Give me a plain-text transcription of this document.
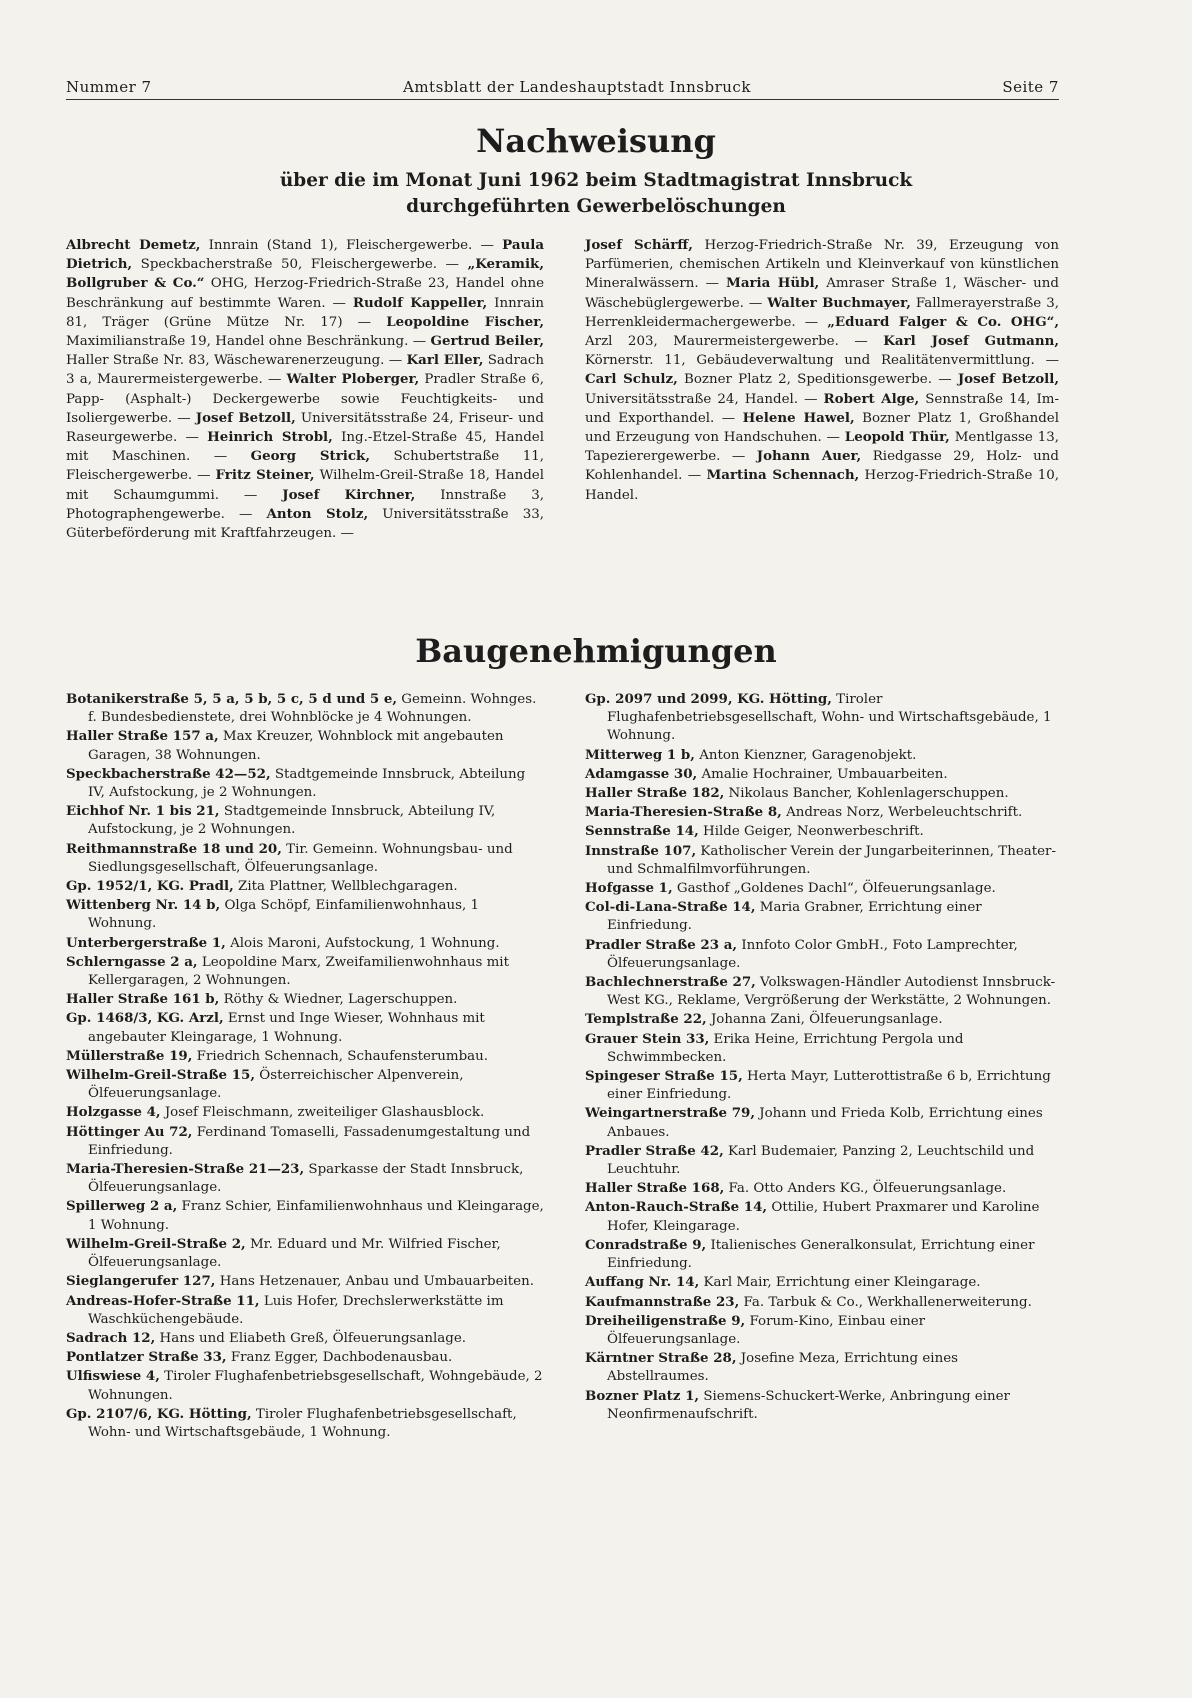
Nummer 7	Amtsblatt der Landeshauptstadt Innsbruck	Seite 7
Nachweisung
über die im Monat Juni 1962 beim Stadtmagistrat Innsbruck
durchgeführten Gewerbelöschungen

Albrecht Demetz, Innrain (Stand 1), Fleischergewerbe. — Paula Dietrich, Speckbacherstraße 50, Fleischergewerbe. — „Keramik, Bollgruber & Co.“ OHG, Herzog-Friedrich-Straße 23, Handel ohne Beschränkung auf bestimmte Waren. — Rudolf Kappeller, Innrain 81, Träger (Grüne Mütze Nr. 17) — Leopoldine Fischer, Maximilianstraße 19, Handel ohne Beschränkung. — Gertrud Beiler, Haller Straße Nr. 83, Wäschewarenerzeugung. — Karl Eller, Sadrach 3 a, Maurermeistergewerbe. — Walter Ploberger, Pradler Straße 6, Papp- (Asphalt-) Deckergewerbe sowie Feuchtigkeits- und Isoliergewerbe. — Josef Betzoll, Universitätsstraße 24, Friseur- und Raseurgewerbe. — Heinrich Strobl, Ing.-Etzel-Straße 45, Handel mit Maschinen. — Georg Strick, Schubertstraße 11, Fleischergewerbe. — Fritz Steiner, Wilhelm-Greil-Straße 18, Handel mit Schaumgummi. — Josef Kirchner, Innstraße 3, Photographengewerbe. — Anton Stolz, Universitätsstraße 33, Güterbeförderung mit Kraftfahrzeugen. —

Josef Schärff, Herzog-Friedrich-Straße Nr. 39, Erzeugung von Parfümerien, chemischen Artikeln und Kleinverkauf von künstlichen Mineralwässern. — Maria Hübl, Amraser Straße 1, Wäscher- und Wäschebüglergewerbe. — Walter Buchmayer, Fallmerayerstraße 3, Herrenkleidermachergewerbe. — „Eduard Falger & Co. OHG“, Arzl 203, Maurermeistergewerbe. — Karl Josef Gutmann, Körnerstr. 11, Gebäudeverwaltung und Realitätenvermittlung. — Carl Schulz, Bozner Platz 2, Speditionsgewerbe. — Josef Betzoll, Universitätsstraße 24, Handel. — Robert Alge, Sennstraße 14, Im- und Exporthandel. — Helene Hawel, Bozner Platz 1, Großhandel und Erzeugung von Handschuhen. — Leopold Thür, Mentlgasse 13, Tapezierergewerbe. — Johann Auer, Riedgasse 29, Holz- und Kohlenhandel. — Martina Schennach, Herzog-Friedrich-Straße 10, Handel.

Baugenehmigungen

Botanikerstraße 5, 5 a, 5 b, 5 c, 5 d und 5 e, Gemeinn. Wohnges. f. Bundesbedienstete, drei Wohnblöcke je 4 Wohnungen.

Haller Straße 157 a, Max Kreuzer, Wohnblock mit angebauten Garagen, 38 Wohnungen.

Speckbacherstraße 42—52, Stadtgemeinde Innsbruck, Abteilung IV, Aufstockung, je 2 Wohnungen.

Eichhof Nr. 1 bis 21, Stadtgemeinde Innsbruck, Abteilung IV, Aufstockung, je 2 Wohnungen.

Reithmannstraße 18 und 20, Tir. Gemeinn. Wohnungsbau- und Siedlungsgesellschaft, Ölfeuerungsanlage.

Gp. 1952/1, KG. Pradl, Zita Plattner, Wellblechgaragen.

Wittenberg Nr. 14 b, Olga Schöpf, Einfamilienwohnhaus, 1 Wohnung.

Unterbergerstraße 1, Alois Maroni, Aufstockung, 1 Wohnung.

Schlerngasse 2 a, Leopoldine Marx, Zweifamilienwohnhaus mit Kellergaragen, 2 Wohnungen.

Haller Straße 161 b, Röthy & Wiedner, Lagerschuppen.

Gp. 1468/3, KG. Arzl, Ernst und Inge Wieser, Wohnhaus mit angebauter Kleingarage, 1 Wohnung.

Müllerstraße 19, Friedrich Schennach, Schaufensterumbau.

Wilhelm-Greil-Straße 15, Österreichischer Alpenverein, Ölfeuerungsanlage.

Holzgasse 4, Josef Fleischmann, zweiteiliger Glashausblock.

Höttinger Au 72, Ferdinand Tomaselli, Fassadenumgestaltung und Einfriedung.

Maria-Theresien-Straße 21—23, Sparkasse der Stadt Innsbruck, Ölfeuerungsanlage.

Spillerweg 2 a, Franz Schier, Einfamilienwohnhaus und Kleingarage, 1 Wohnung.

Wilhelm-Greil-Straße 2, Mr. Eduard und Mr. Wilfried Fischer, Ölfeuerungsanlage.

Sieglangerufer 127, Hans Hetzenauer, Anbau und Umbauarbeiten.

Andreas-Hofer-Straße 11, Luis Hofer, Drechslerwerkstätte im Waschküchengebäude.

Sadrach 12, Hans und Eliabeth Greß, Ölfeuerungsanlage.

Pontlatzer Straße 33, Franz Egger, Dachbodenausbau.

Ulfiswiese 4, Tiroler Flughafenbetriebsgesellschaft, Wohngebäude, 2 Wohnungen.

Gp. 2107/6, KG. Hötting, Tiroler Flughafenbetriebsgesellschaft, Wohn- und Wirtschaftsgebäude, 1 Wohnung.

Gp. 2097 und 2099, KG. Hötting, Tiroler Flughafenbetriebsgesellschaft, Wohn- und Wirtschaftsgebäude, 1 Wohnung.

Mitterweg 1 b, Anton Kienzner, Garagenobjekt.

Adamgasse 30, Amalie Hochrainer, Umbauarbeiten.

Haller Straße 182, Nikolaus Bancher, Kohlenlagerschuppen.

Maria-Theresien-Straße 8, Andreas Norz, Werbeleuchtschrift.

Sennstraße 14, Hilde Geiger, Neonwerbeschrift.

Innstraße 107, Katholischer Verein der Jungarbeiterinnen, Theater- und Schmalfilmvorführungen.

Hofgasse 1, Gasthof „Goldenes Dachl“, Ölfeuerungsanlage.

Col-di-Lana-Straße 14, Maria Grabner, Errichtung einer Einfriedung.

Pradler Straße 23 a, Innfoto Color GmbH., Foto Lamprechter, Ölfeuerungsanlage.

Bachlechnerstraße 27, Volkswagen-Händler Autodienst Innsbruck-West KG., Reklame, Vergrößerung der Werkstätte, 2 Wohnungen.

Templstraße 22, Johanna Zani, Ölfeuerungsanlage.

Grauer Stein 33, Erika Heine, Errichtung Pergola und Schwimmbecken.

Spingeser Straße 15, Herta Mayr, Lutterottistraße 6 b, Errichtung einer Einfriedung.

Weingartnerstraße 79, Johann und Frieda Kolb, Errichtung eines Anbaues.

Pradler Straße 42, Karl Budemaier, Panzing 2, Leuchtschild und Leuchtuhr.

Haller Straße 168, Fa. Otto Anders KG., Ölfeuerungsanlage.

Anton-Rauch-Straße 14, Ottilie, Hubert Praxmarer und Karoline Hofer, Kleingarage.

Conradstraße 9, Italienisches Generalkonsulat, Errichtung einer Einfriedung.

Auffang Nr. 14, Karl Mair, Errichtung einer Kleingarage.

Kaufmannstraße 23, Fa. Tarbuk & Co., Werkhallenerweiterung.

Dreiheiligenstraße 9, Forum-Kino, Einbau einer Ölfeuerungsanlage.

Kärntner Straße 28, Josefine Meza, Errichtung eines Abstellraumes.

Bozner Platz 1, Siemens-Schuckert-Werke, Anbringung einer Neonfirmenaufschrift.
